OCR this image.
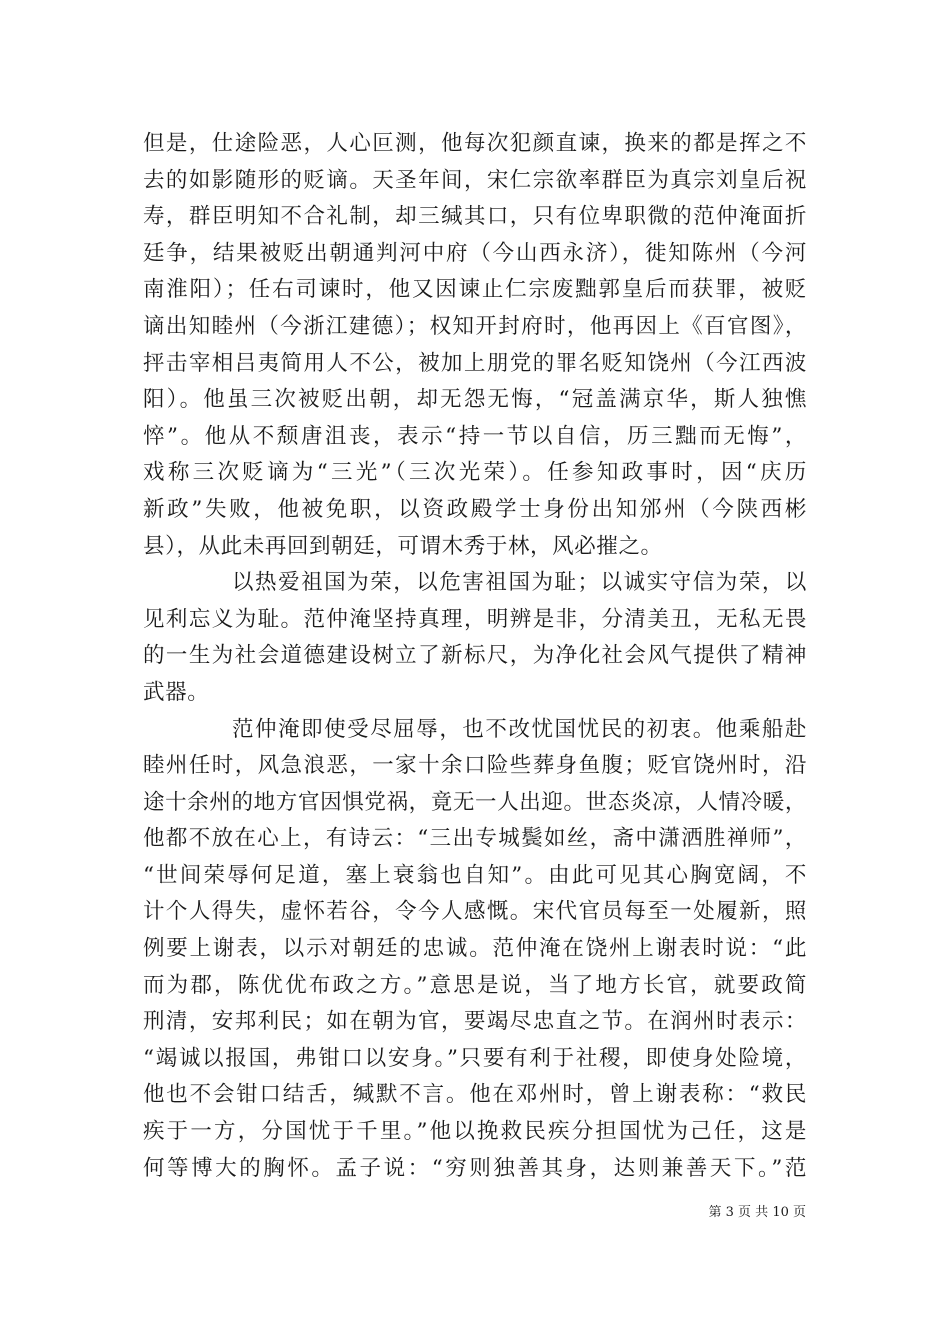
但是，仕途险恶，人心叵测，他每次犯颜直谏，换来的都是挥之不
去的如影随形的贬谪。天圣年间，宋仁宗欲率群臣为真宗刘皇后祝
寿，群臣明知不合礼制，却三缄其口，只有位卑职微的范仲淹面折
廷争，结果被贬出朝通判河中府（今山西永济），徙知陈州（今河
南淮阳）；任右司谏时，他又因谏止仁宗废黜郭皇后而获罪，被贬
谪出知睦州（今浙江建德）；权知开封府时，他再因上《百官图》，
抨击宰相吕夷简用人不公，被加上朋党的罪名贬知饶州（今江西波
阳）。他虽三次被贬出朝，却无怨无悔，“冠盖满京华，斯人独憔
悴”。他从不颓唐沮丧，表示“持一节以自信，历三黜而无悔”，
戏称三次贬谪为“三光”（三次光荣）。任参知政事时，因“庆历
新政”失败，他被免职，以资政殿学士身份出知邠州（今陕西彬
县），从此未再回到朝廷，可谓木秀于林，风必摧之。
以热爱祖国为荣，以危害祖国为耻；以诚实守信为荣，以
见利忘义为耻。范仲淹坚持真理，明辨是非，分清美丑，无私无畏
的一生为社会道德建设树立了新标尺，为净化社会风气提供了精神
武器。
范仲淹即使受尽屈辱，也不改忧国忧民的初衷。他乘船赴
睦州任时，风急浪恶，一家十余口险些葬身鱼腹；贬官饶州时，沿
途十余州的地方官因惧党祸，竟无一人出迎。世态炎凉，人情冷暖，
他都不放在心上，有诗云：“三出专城鬓如丝，斋中潇洒胜禅师”，
“世间荣辱何足道，塞上衰翁也自知”。由此可见其心胸宽阔，不
计个人得失，虚怀若谷，令今人感慨。宋代官员每至一处履新，照
例要上谢表，以示对朝廷的忠诚。范仲淹在饶州上谢表时说：“此
而为郡，陈优优布政之方。”意思是说，当了地方长官，就要政简
刑清，安邦利民；如在朝为官，要竭尽忠直之节。在润州时表示：
“竭诚以报国，弗钳口以安身。”只要有利于社稷，即使身处险境，
他也不会钳口结舌，缄默不言。他在邓州时，曾上谢表称：“救民
疾于一方，分国忧于千里。”他以挽救民疾分担国忧为己任，这是
何等博大的胸怀。孟子说：“穷则独善其身，达则兼善天下。”范
第 3 页 共 10 页
